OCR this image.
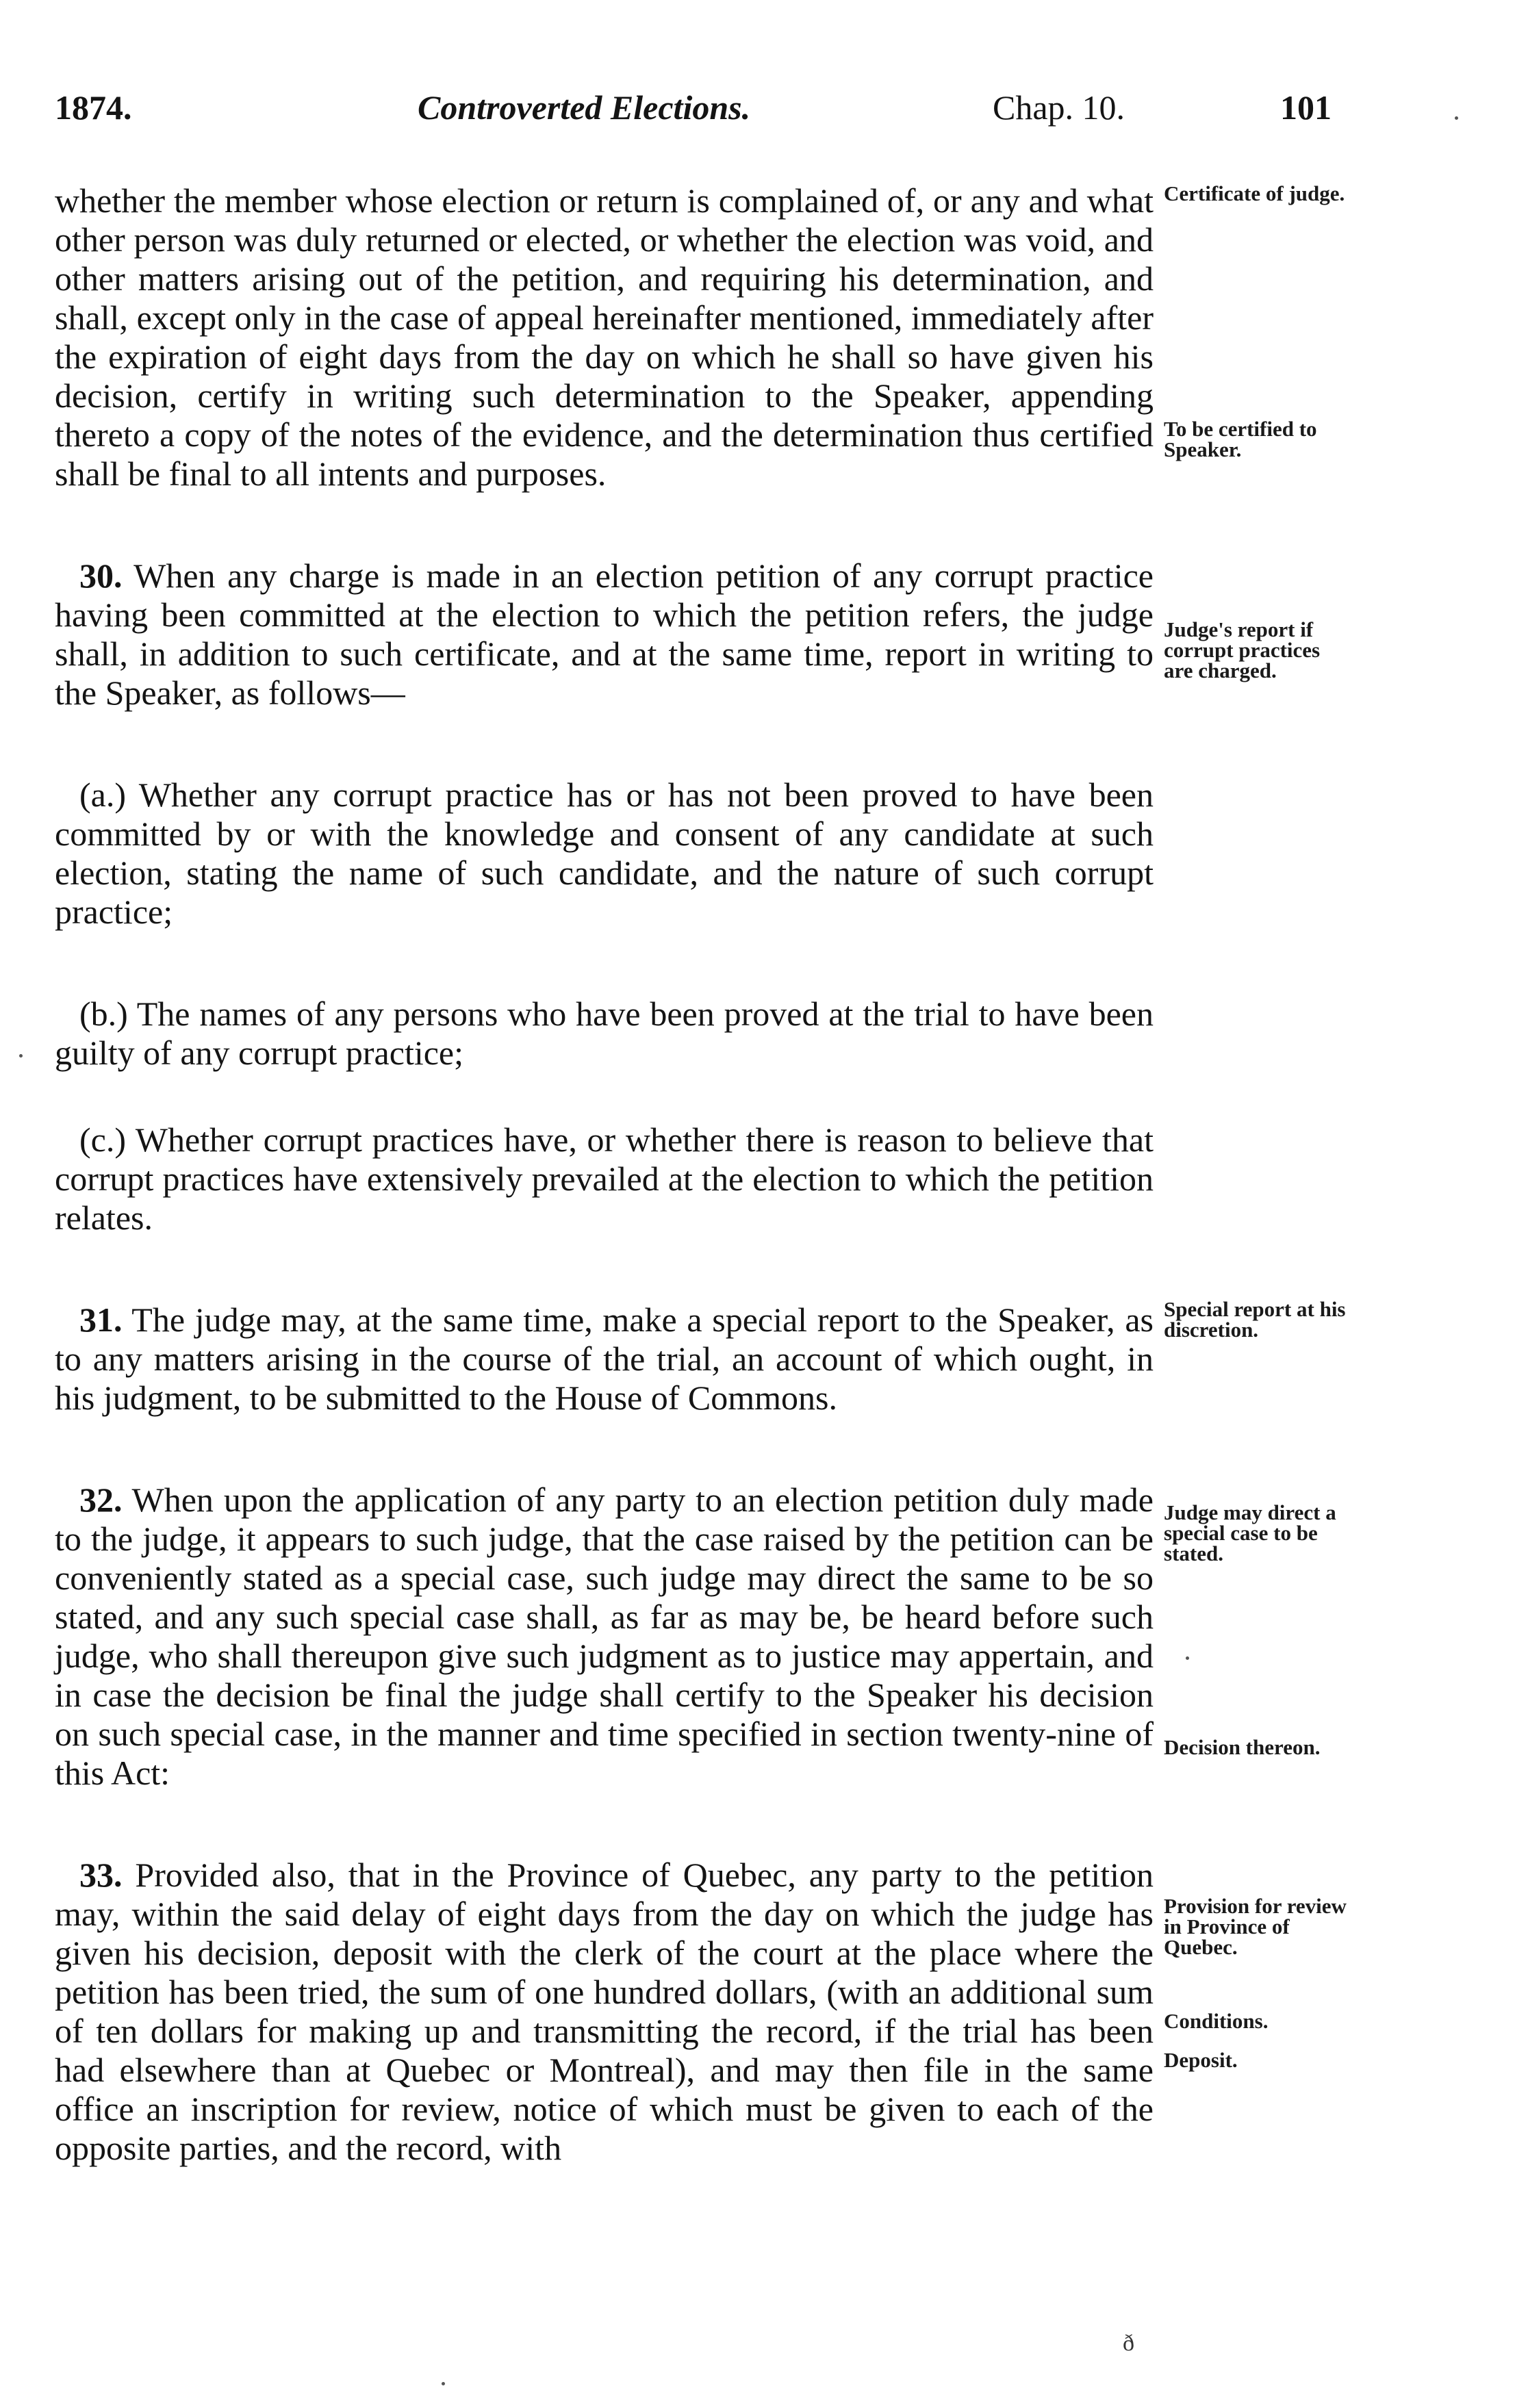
1874.	Controverted Elections.	Chap. 10.	101

whether the member whose election or return is complained of, or any and what other person was duly returned or elected, or whether the election was void, and other matters arising out of the petition, and requiring his determination, and shall, except only in the case of appeal hereinafter mentioned, immediately after the expiration of eight days from the day on which he shall so have given his decision, certify in writing such determination to the Speaker, appending thereto a copy of the notes of the evidence, and the determination thus certified shall be final to all intents and purposes.

30. When any charge is made in an election petition of any corrupt practice having been committed at the election to which the petition refers, the judge shall, in addition to such certificate, and at the same time, report in writing to the Speaker, as follows—

(a.) Whether any corrupt practice has or has not been proved to have been committed by or with the knowledge and consent of any candidate at such election, stating the name of such candidate, and the nature of such corrupt practice;

(b.) The names of any persons who have been proved at the trial to have been guilty of any corrupt practice;

(c.) Whether corrupt practices have, or whether there is reason to believe that corrupt practices have extensively prevailed at the election to which the petition relates.

31. The judge may, at the same time, make a special report to the Speaker, as to any matters arising in the course of the trial, an account of which ought, in his judgment, to be submitted to the House of Commons.

32. When upon the application of any party to an election petition duly made to the judge, it appears to such judge, that the case raised by the petition can be conveniently stated as a special case, such judge may direct the same to be so stated, and any such special case shall, as far as may be, be heard before such judge, who shall thereupon give such judgment as to justice may appertain, and in case the decision be final the judge shall certify to the Speaker his decision on such special case, in the manner and time specified in section twenty-nine of this Act:

33. Provided also, that in the Province of Quebec, any party to the petition may, within the said delay of eight days from the day on which the judge has given his decision, deposit with the clerk of the court at the place where the petition has been tried, the sum of one hundred dollars, (with an additional sum of ten dollars for making up and transmitting the record, if the trial has been had elsewhere than at Quebec or Montreal), and may then file in the same office an inscription for review, notice of which must be given to each of the opposite parties, and the record, with

Certificate of judge.
To be certified to Speaker.
Judge's report if corrupt practices are charged.
Special report at his discretion.
Judge may direct a special case to be stated.
Decision thereon.
Provision for review in Province of Quebec.
Conditions.
Deposit.
ð
